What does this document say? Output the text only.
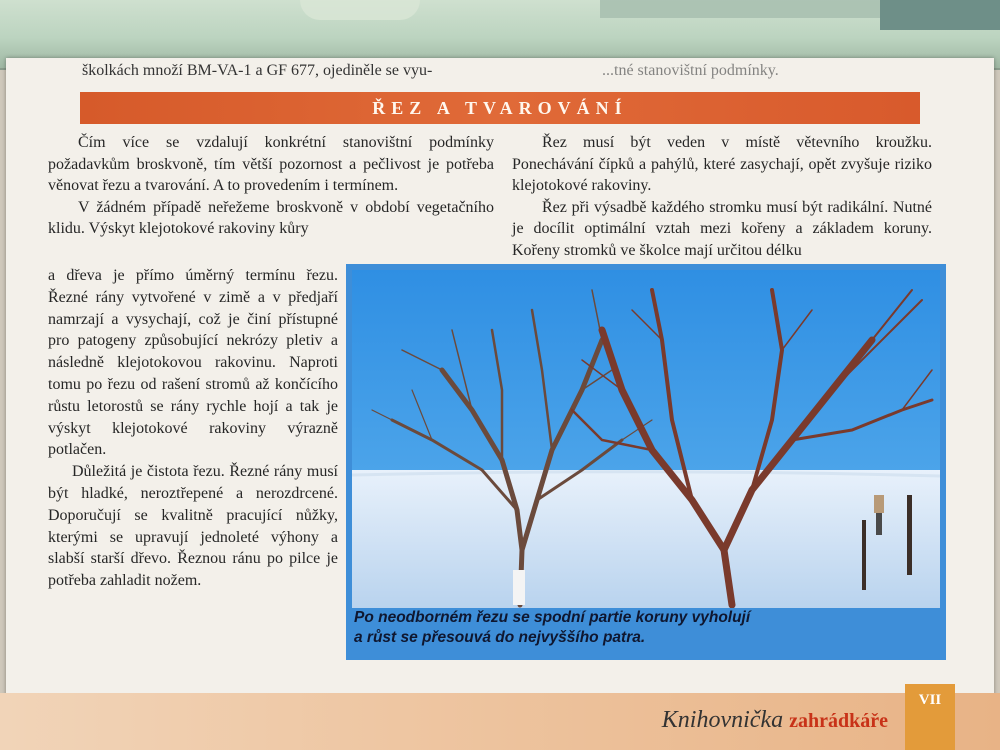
školkách množí BM-VA-1 a GF 677, ojediněle se vyu-	...tné stanovištní podmínky.
ŘEZ A TVAROVÁNÍ

Čím více se vzdalují konkrétní stanovištní podmínky požadavkům broskvoně, tím větší pozornost a pečlivost je potřeba věnovat řezu a tvarování. A to provedením i termínem.

V žádném případě neřežeme broskvoně v období vegetačního klidu. Výskyt klejotokové rakoviny kůry

a dřeva je přímo úměrný termínu řezu. Řezné rány vytvořené v zimě a v předjaří namrzají a vysychají, což je činí přístupné pro patogeny způsobující nekrózy pletiv a následně klejotokovou rakovinu. Naproti tomu po řezu od rašení stromů až končícího růstu letorostů se rány rychle hojí a tak je výskyt klejotokové rakoviny výrazně potlačen.

Důležitá je čistota řezu. Řezné rány musí být hladké, neroztřepené a nerozdrcené. Doporučují se kvalitně pracující nůžky, kterými se upravují jednoleté výhony a slabší starší dřevo. Řeznou ránu po pilce je potřeba zahladit nožem.

Řez musí být veden v místě větevního kroužku. Ponechávání čípků a pahýlů, které zasychají, opět zvyšuje riziko klejotokové rakoviny.

Řez při výsadbě každého stromku musí být radikální. Nutné je docílit optimální vztah mezi kořeny a základem koruny. Kořeny stromků ve školce mají určitou délku

Po neodborném řezu se spodní partie koruny vyholují
a růst se přesouvá do nejvyššího patra.
Knihovnička zahrádkáře
VII
